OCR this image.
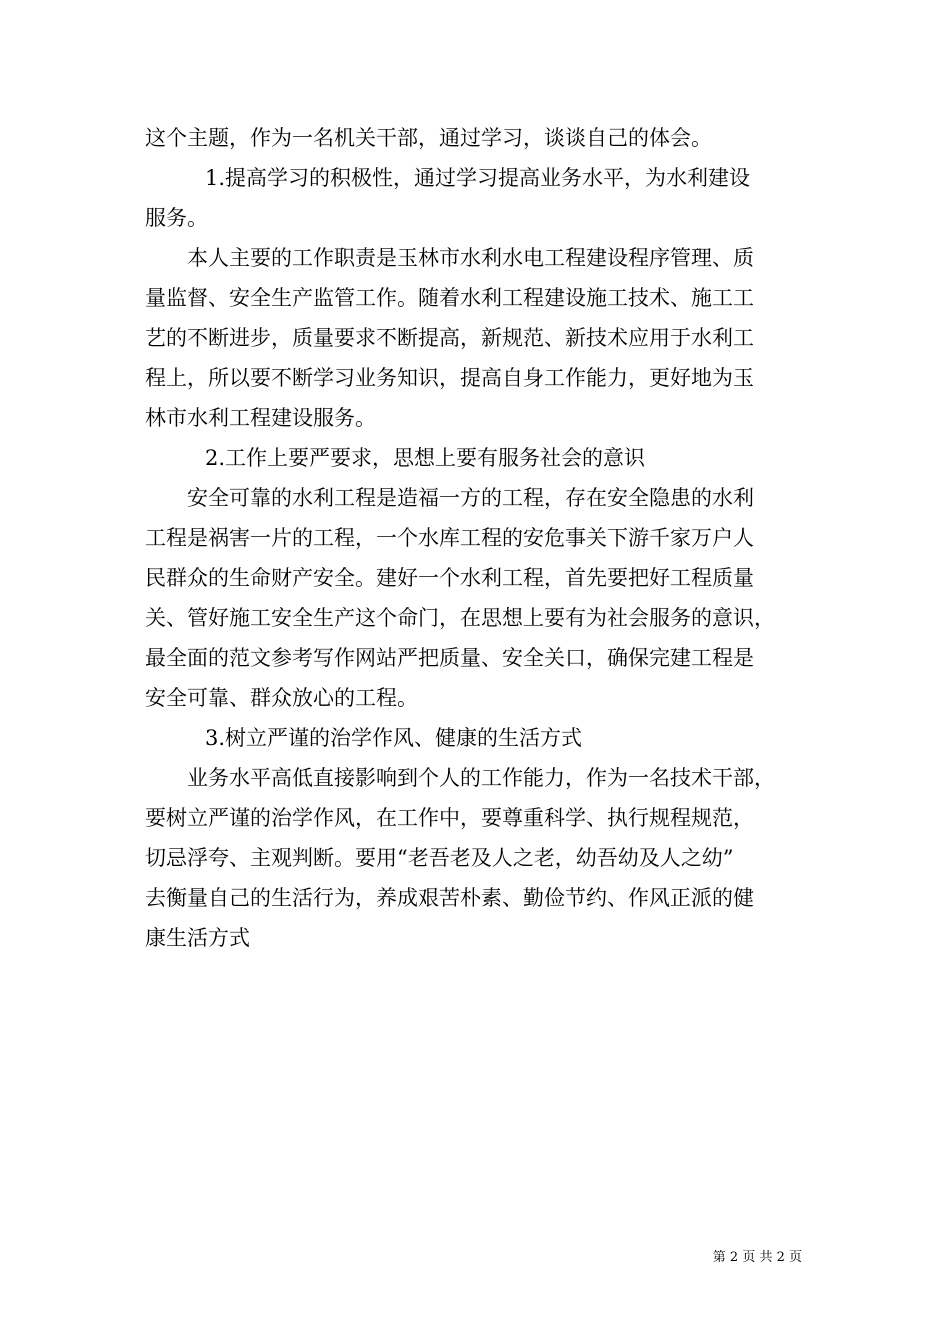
这个主题，作为一名机关干部，通过学习，谈谈自己的体会。
1.提高学习的积极性，通过学习提高业务水平，为水利建设
服务。
本人主要的工作职责是玉林市水利水电工程建设程序管理、质
量监督、安全生产监管工作。随着水利工程建设施工技术、施工工
艺的不断进步，质量要求不断提高，新规范、新技术应用于水利工
程上，所以要不断学习业务知识，提高自身工作能力，更好地为玉
林市水利工程建设服务。
2.工作上要严要求，思想上要有服务社会的意识
安全可靠的水利工程是造福一方的工程，存在安全隐患的水利
工程是祸害一片的工程，一个水库工程的安危事关下游千家万户人
民群众的生命财产安全。建好一个水利工程，首先要把好工程质量
关、管好施工安全生产这个命门，在思想上要有为社会服务的意识，
最全面的范文参考写作网站严把质量、安全关口，确保完建工程是
安全可靠、群众放心的工程。
3.树立严谨的治学作风、健康的生活方式
业务水平高低直接影响到个人的工作能力，作为一名技术干部，
要树立严谨的治学作风，在工作中，要尊重科学、执行规程规范，
切忌浮夸、主观判断。要用“老吾老及人之老，幼吾幼及人之幼”
去衡量自己的生活行为，养成艰苦朴素、勤俭节约、作风正派的健
康生活方式
第 2 页 共 2 页
